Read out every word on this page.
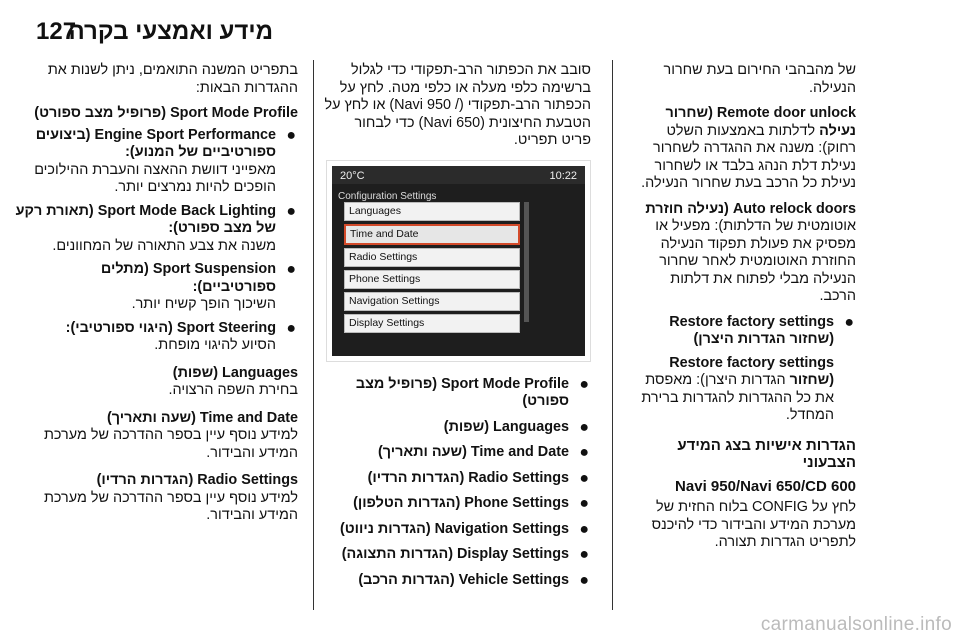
127
מידע ואמצעי בקרה

של מהבהבי החירום בעת שחרור הנעילה.

Remote door unlock (שחרור נעילה לדלתות באמצעות השלט רחוק): משנה את ההגדרה לשחרור נעילת דלת הנהג בלבד או לשחרור נעילת כל הרכב בעת שחרור הנעילה.

Auto relock doors (נעילה חוזרת אוטומטית של הדלתות): מפעיל או מפסיק את פעולת תפקוד הנעילה החוזרת האוטומטית לאחר שחרור הנעילה מבלי לפתוח את דלתות הרכב.

●
Restore factory settings (שחזור הגדרות היצרן)
Restore factory settings (שחזור הגדרות היצרן): מאפסת את כל ההגדרות להגדרות ברירת המחדל.
הגדרות אישיות בצג המידע הצבעוני
Navi 950/Navi 650/CD 600

לחץ על CONFIG בלוח החזית של מערכת המידע והבידור כדי להיכנס לתפריט הגדרות תצורה.

סובב את הכפתור הרב-תפקודי כדי לגלול ברשימה כלפי מעלה או כלפי מטה. לחץ על הכפתור הרב-תפקודי (/ Navi 950) או לחץ על הטבעת החיצונית (Navi 650) כדי לבחור פריט תפריט.

20°C	10:22
Configuration Settings
Languages
Time and Date
Radio Settings
Phone Settings
Navigation Settings
Display Settings
●
Sport Mode Profile (פרופיל מצב ספורט)
●
Languages (שפות)
●
Time and Date (שעה ותאריך)
●
Radio Settings (הגדרות הרדיו)
●
Phone Settings (הגדרות הטלפון)
●
Navigation Settings (הגדרות ניווט)
●
Display Settings (הגדרות התצוגה)
●
Vehicle Settings (הגדרות הרכב)

בתפריט המשנה התואמים, ניתן לשנות את ההגדרות הבאות:

Sport Mode Profile (פרופיל מצב ספורט)
●
Engine Sport Performance (ביצועים ספורטיביים של המנוע):
מאפייני דוושת ההאצה והעברת ההילוכים הופכים להיות נמרצים יותר.
●
Sport Mode Back Lighting (תאורת רקע של מצב ספורט):
משנה את צבע התאורה של המחוונים.
●
Sport Suspension (מתלים ספורטיביים):
השיכוך הופך קשיח יותר.
●
Sport Steering (היגוי ספורטיבי):
הסיוע להיגוי מופחת.
Languages (שפות)

בחירת השפה הרצויה.

Time and Date (שעה ותאריך)

למידע נוסף עיין בספר ההדרכה של מערכת המידע והבידור.

Radio Settings (הגדרות הרדיו)

למידע נוסף עיין בספר ההדרכה של מערכת המידע והבידור.

carmanualsonline.info
